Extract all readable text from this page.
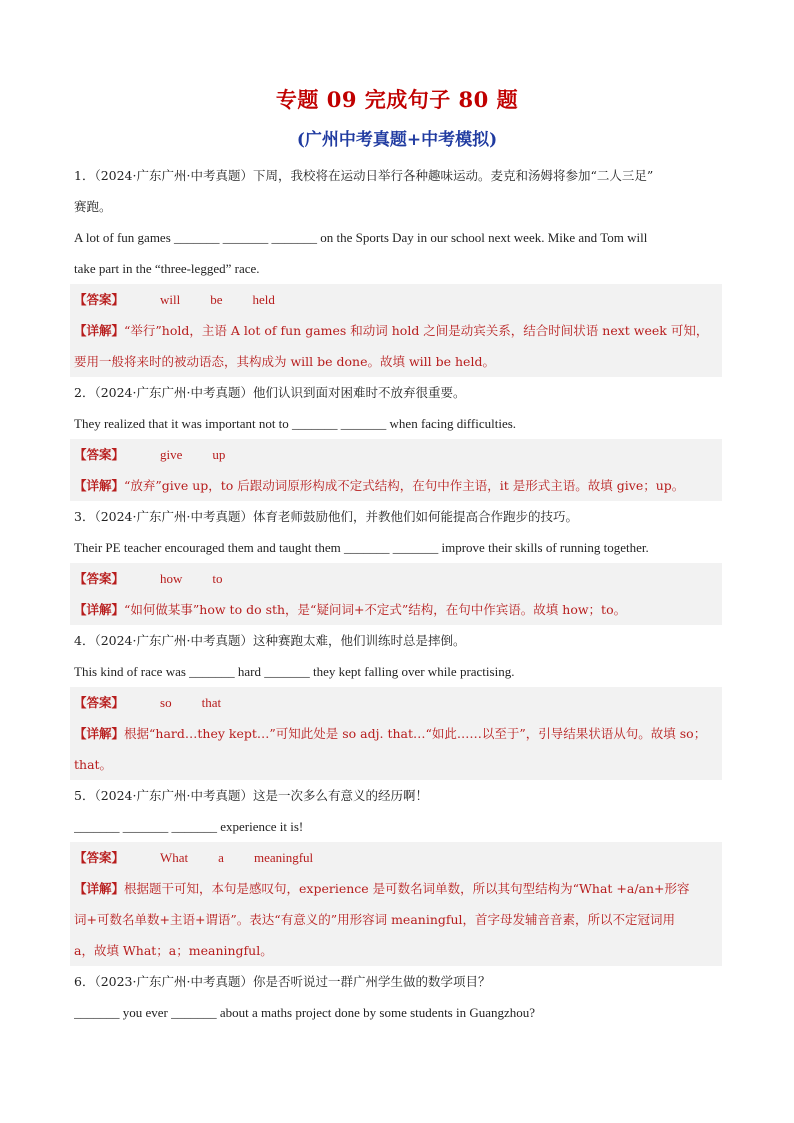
专题 09 完成句子 80 题
(广州中考真题+中考模拟)
1．（2024·广东广州·中考真题）下周，我校将在运动日举行各种趣味运动。麦克和汤姆将参加“二人三足”
赛跑。
A lot of fun games _______ _______ _______ on the Sports Day in our school next week. Mike and Tom will
take part in the “three-legged” race.
【答案】	will be held
【详解】“举行”hold，主语 A lot of fun games 和动词 hold 之间是动宾关系，结合时间状语 next week 可知，
要用一般将来时的被动语态，其构成为 will be done。故填 will be held。
2．（2024·广东广州·中考真题）他们认识到面对困难时不放弃很重要。
They realized that it was important not to _______ _______ when facing difficulties.
【答案】	give up
【详解】“放弃”give up，to 后跟动词原形构成不定式结构，在句中作主语，it 是形式主语。故填 give；up。
3．（2024·广东广州·中考真题）体育老师鼓励他们，并教他们如何能提高合作跑步的技巧。
Their PE teacher encouraged them and taught them _______ _______ improve their skills of running together.
【答案】	how to
【详解】“如何做某事”how to do sth，是“疑问词+不定式”结构，在句中作宾语。故填 how；to。
4．（2024·广东广州·中考真题）这种赛跑太难，他们训练时总是摔倒。
This kind of race was _______ hard _______ they kept falling over while practising.
【答案】	so that
【详解】根据“hard…they kept…”可知此处是 so adj. that…“如此……以至于”，引导结果状语从句。故填 so；
that。
5．（2024·广东广州·中考真题）这是一次多么有意义的经历啊！
_______ _______ _______ experience it is!
【答案】	What a meaningful
【详解】根据题干可知，本句是感叹句，experience 是可数名词单数，所以其句型结构为“What +a/an+形容
词+可数名单数+主语+谓语”。表达“有意义的”用形容词 meaningful，首字母发辅音音素，所以不定冠词用
a，故填 What；a；meaningful。
6．（2023·广东广州·中考真题）你是否听说过一群广州学生做的数学项目？
_______ you ever _______ about a maths project done by some students in Guangzhou?
